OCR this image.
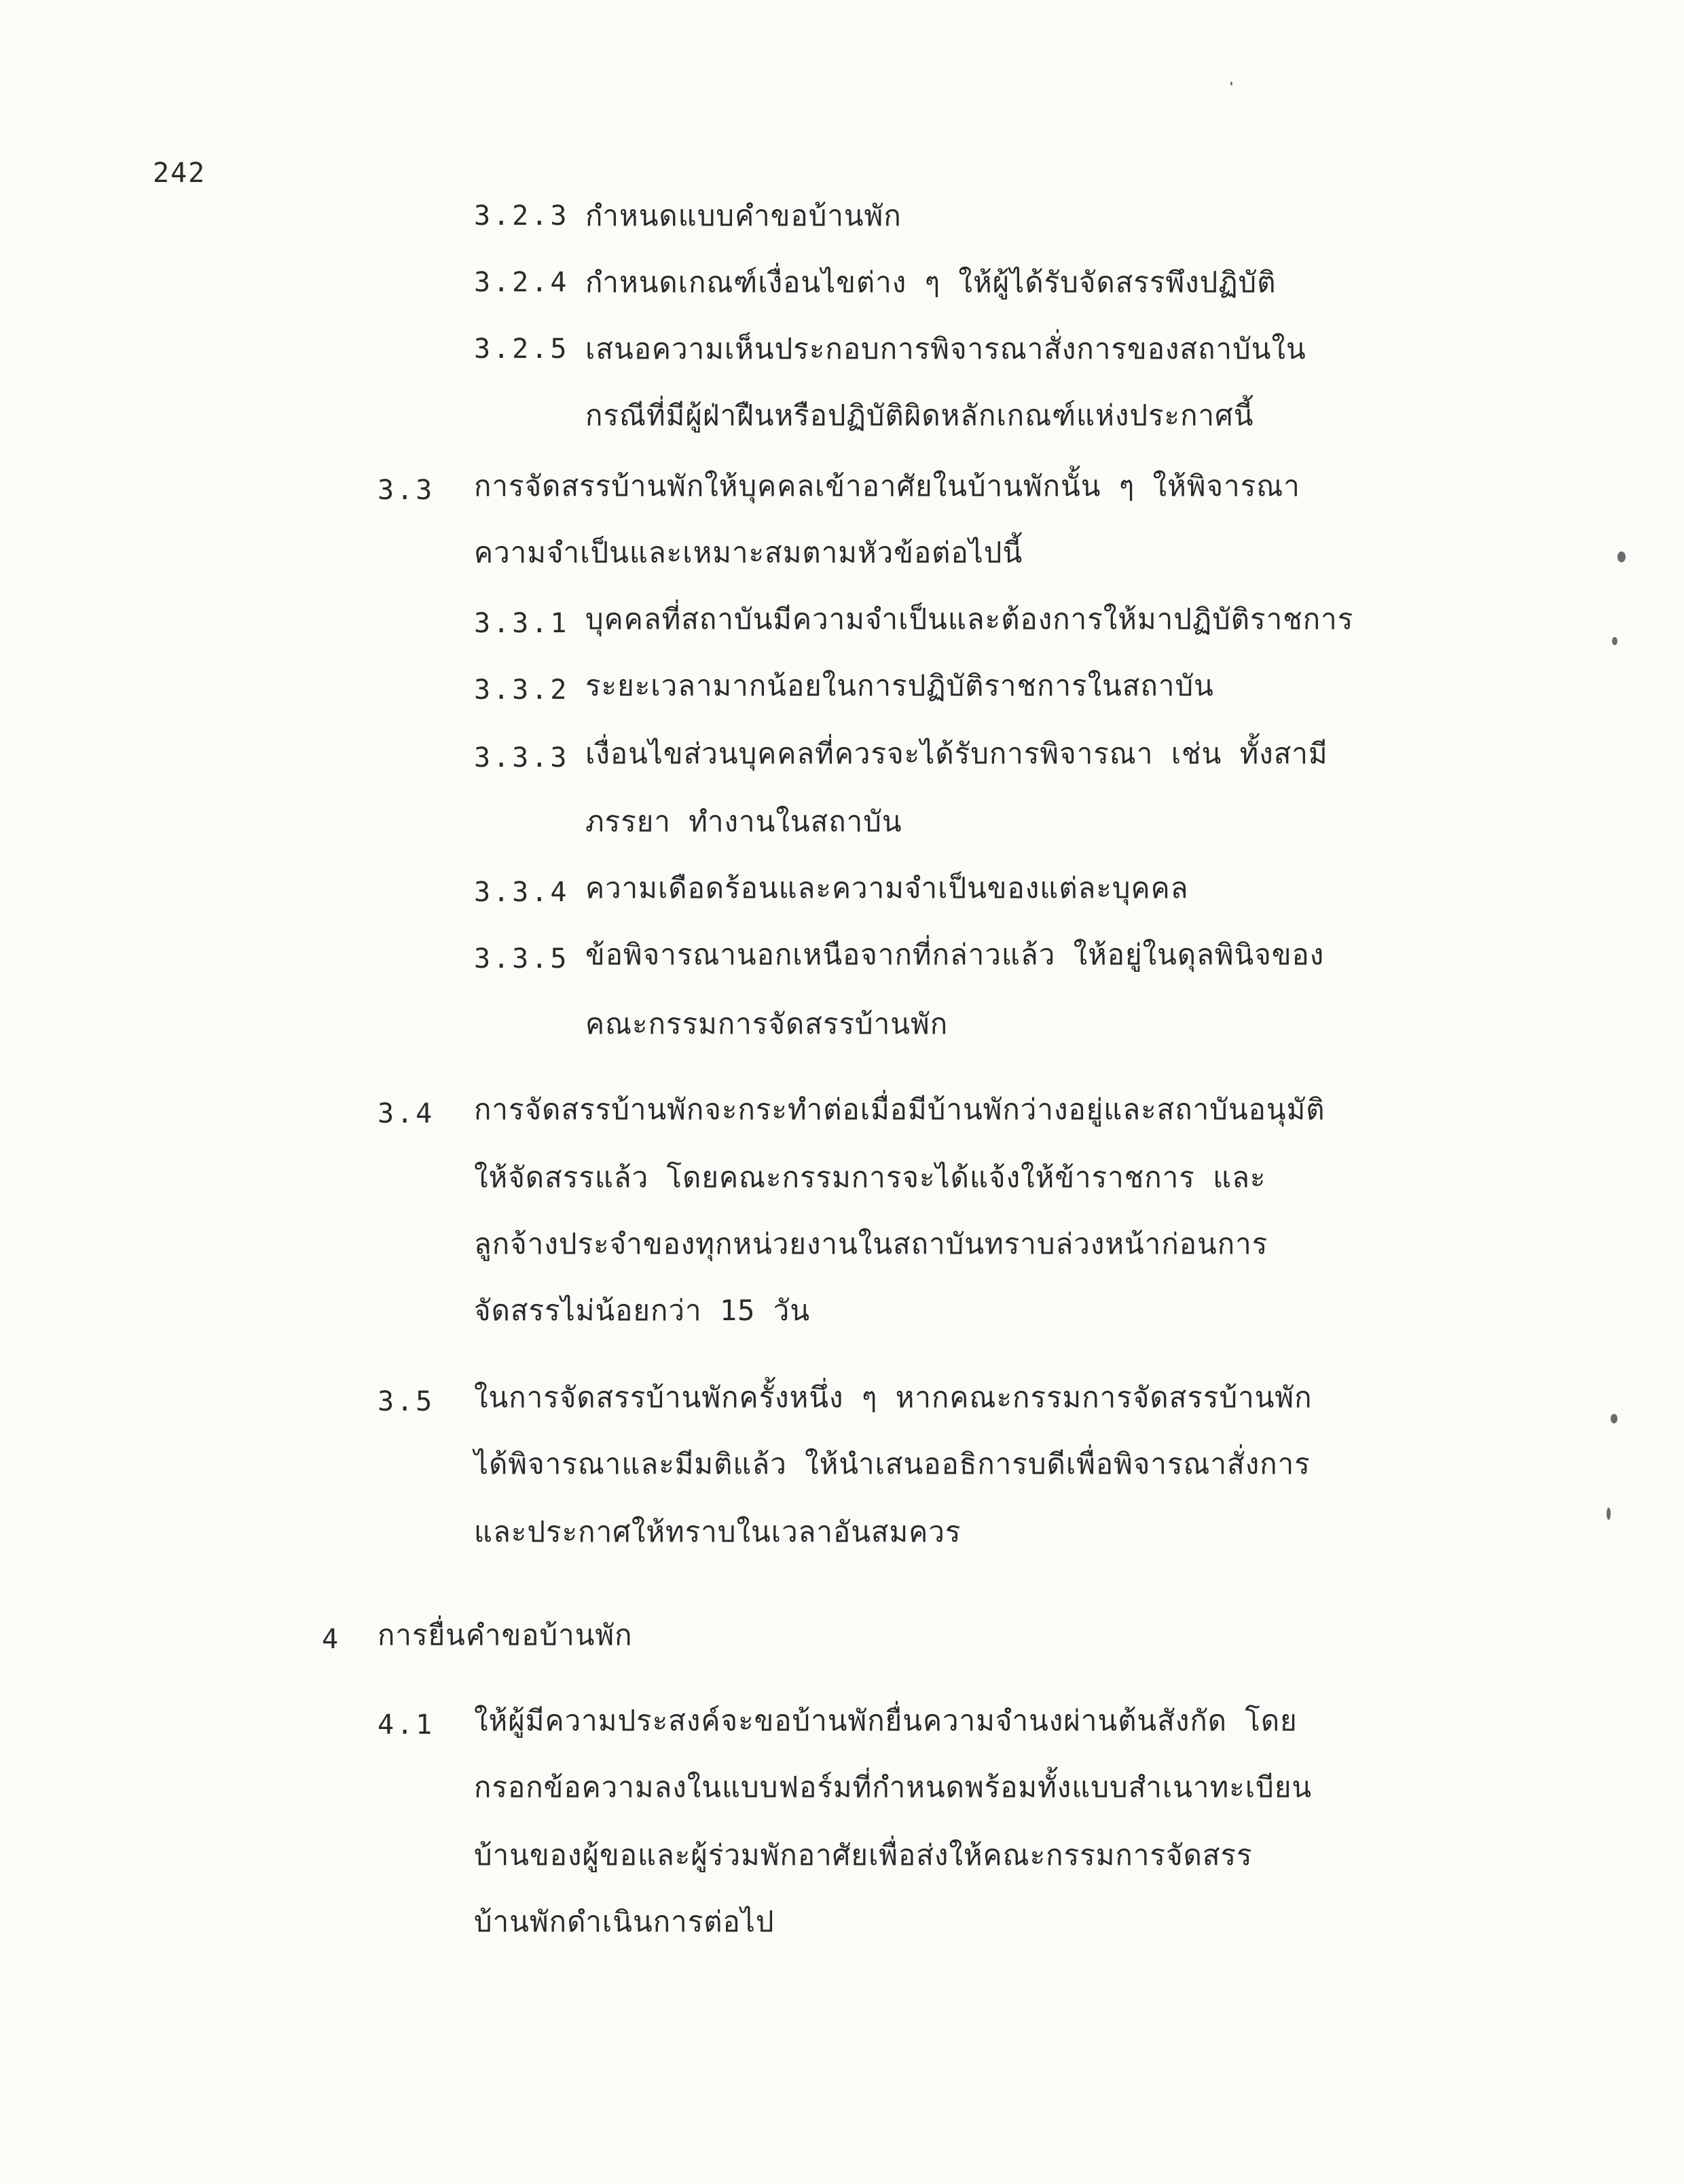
242
3.2.3 กำหนดแบบคำขอบ้านพัก
3.2.4 กำหนดเกณฑ์เงื่อนไขต่าง ๆ ให้ผู้ได้รับจัดสรรพึงปฏิบัติ
3.2.5 เสนอความเห็นประกอบการพิจารณาสั่งการของสถาบันใน
กรณีที่มีผู้ฝ่าฝืนหรือปฏิบัติผิดหลักเกณฑ์แห่งประกาศนี้
3.3 การจัดสรรบ้านพักให้บุคคลเข้าอาศัยในบ้านพักนั้น ๆ ให้พิจารณา
ความจำเป็นและเหมาะสมตามหัวข้อต่อไปนี้
3.3.1 บุคคลที่สถาบันมีความจำเป็นและต้องการให้มาปฏิบัติราชการ
3.3.2 ระยะเวลามากน้อยในการปฏิบัติราชการในสถาบัน
3.3.3 เงื่อนไขส่วนบุคคลที่ควรจะได้รับการพิจารณา เช่น ทั้งสามี
ภรรยา ทำงานในสถาบัน
3.3.4 ความเดือดร้อนและความจำเป็นของแต่ละบุคคล
3.3.5 ข้อพิจารณานอกเหนือจากที่กล่าวแล้ว ให้อยู่ในดุลพินิจของ
คณะกรรมการจัดสรรบ้านพัก
3.4 การจัดสรรบ้านพักจะกระทำต่อเมื่อมีบ้านพักว่างอยู่และสถาบันอนุมัติ
ให้จัดสรรแล้ว โดยคณะกรรมการจะได้แจ้งให้ข้าราชการ และ
ลูกจ้างประจำของทุกหน่วยงานในสถาบันทราบล่วงหน้าก่อนการ
จัดสรรไม่น้อยกว่า 15 วัน
3.5 ในการจัดสรรบ้านพักครั้งหนึ่ง ๆ หากคณะกรรมการจัดสรรบ้านพัก
ได้พิจารณาและมีมติแล้ว ให้นำเสนออธิการบดีเพื่อพิจารณาสั่งการ
และประกาศให้ทราบในเวลาอันสมควร
4 การยื่นคำขอบ้านพัก
4.1 ให้ผู้มีความประสงค์จะขอบ้านพักยื่นความจำนงผ่านต้นสังกัด โดย
กรอกข้อความลงในแบบฟอร์มที่กำหนดพร้อมทั้งแบบสำเนาทะเบียน
บ้านของผู้ขอและผู้ร่วมพักอาศัยเพื่อส่งให้คณะกรรมการจัดสรร
บ้านพักดำเนินการต่อไป
